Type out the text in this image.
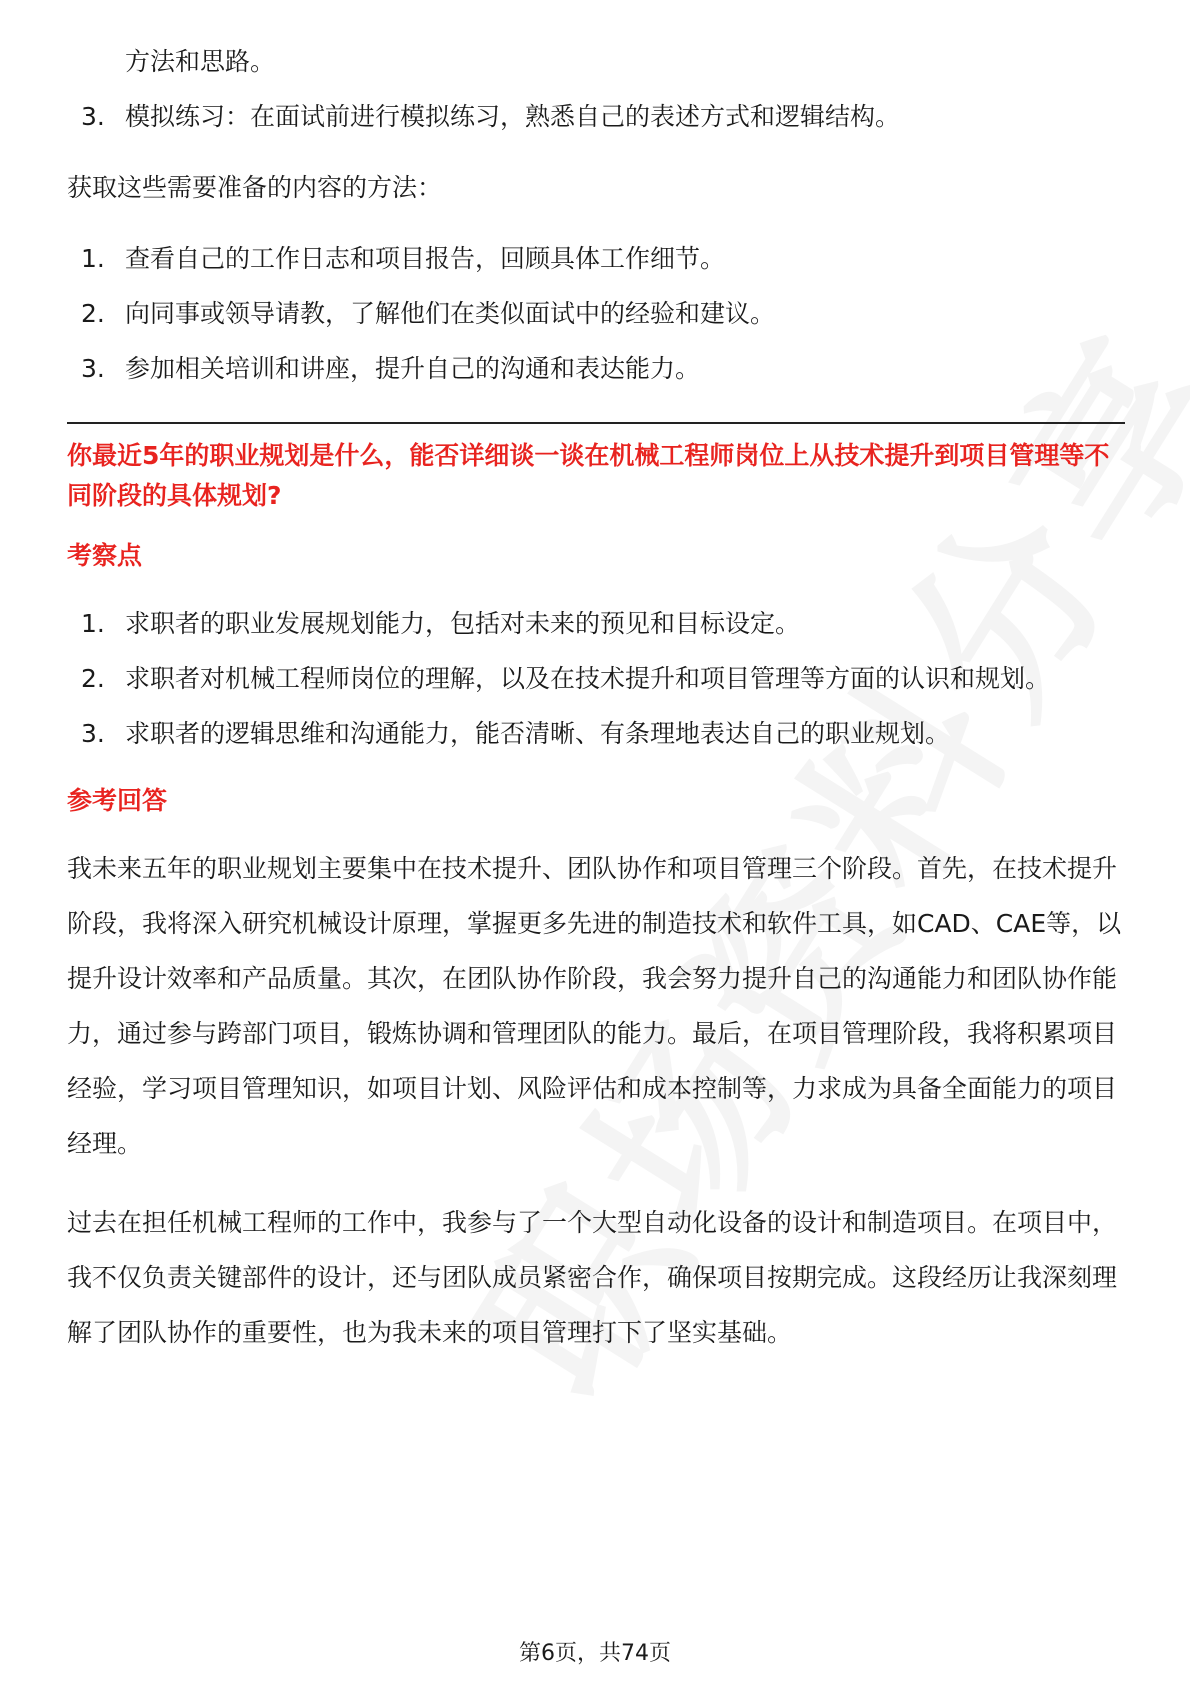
方法和思路。

3. 模拟练习：在面试前进行模拟练习，熟悉自己的表述方式和逻辑结构。

获取这些需要准备的内容的方法：

1. 查看自己的工作日志和项目报告，回顾具体工作细节。
2. 向同事或领导请教，了解他们在类似面试中的经验和建议。
3. 参加相关培训和讲座，提升自己的沟通和表达能力。

你最近5年的职业规划是什么，能否详细谈一谈在机械工程师岗位上从技术提升到项目管理等不同阶段的具体规划?

考察点

1. 求职者的职业发展规划能力，包括对未来的预见和目标设定。
2. 求职者对机械工程师岗位的理解，以及在技术提升和项目管理等方面的认识和规划。
3. 求职者的逻辑思维和沟通能力，能否清晰、有条理地表达自己的职业规划。

参考回答

我未来五年的职业规划主要集中在技术提升、团队协作和项目管理三个阶段。首先，在技术提升阶段，我将深入研究机械设计原理，掌握更多先进的制造技术和软件工具，如CAD、CAE等，以提升设计效率和产品质量。其次，在团队协作阶段，我会努力提升自己的沟通能力和团队协作能力，通过参与跨部门项目，锻炼协调和管理团队的能力。最后，在项目管理阶段，我将积累项目经验，学习项目管理知识，如项目计划、风险评估和成本控制等，力求成为具备全面能力的项目经理。

过去在担任机械工程师的工作中，我参与了一个大型自动化设备的设计和制造项目。在项目中，我不仅负责关键部件的设计，还与团队成员紧密合作，确保项目按期完成。这段经历让我深刻理解了团队协作的重要性，也为我未来的项目管理打下了坚实基础。

第6页，共74页
